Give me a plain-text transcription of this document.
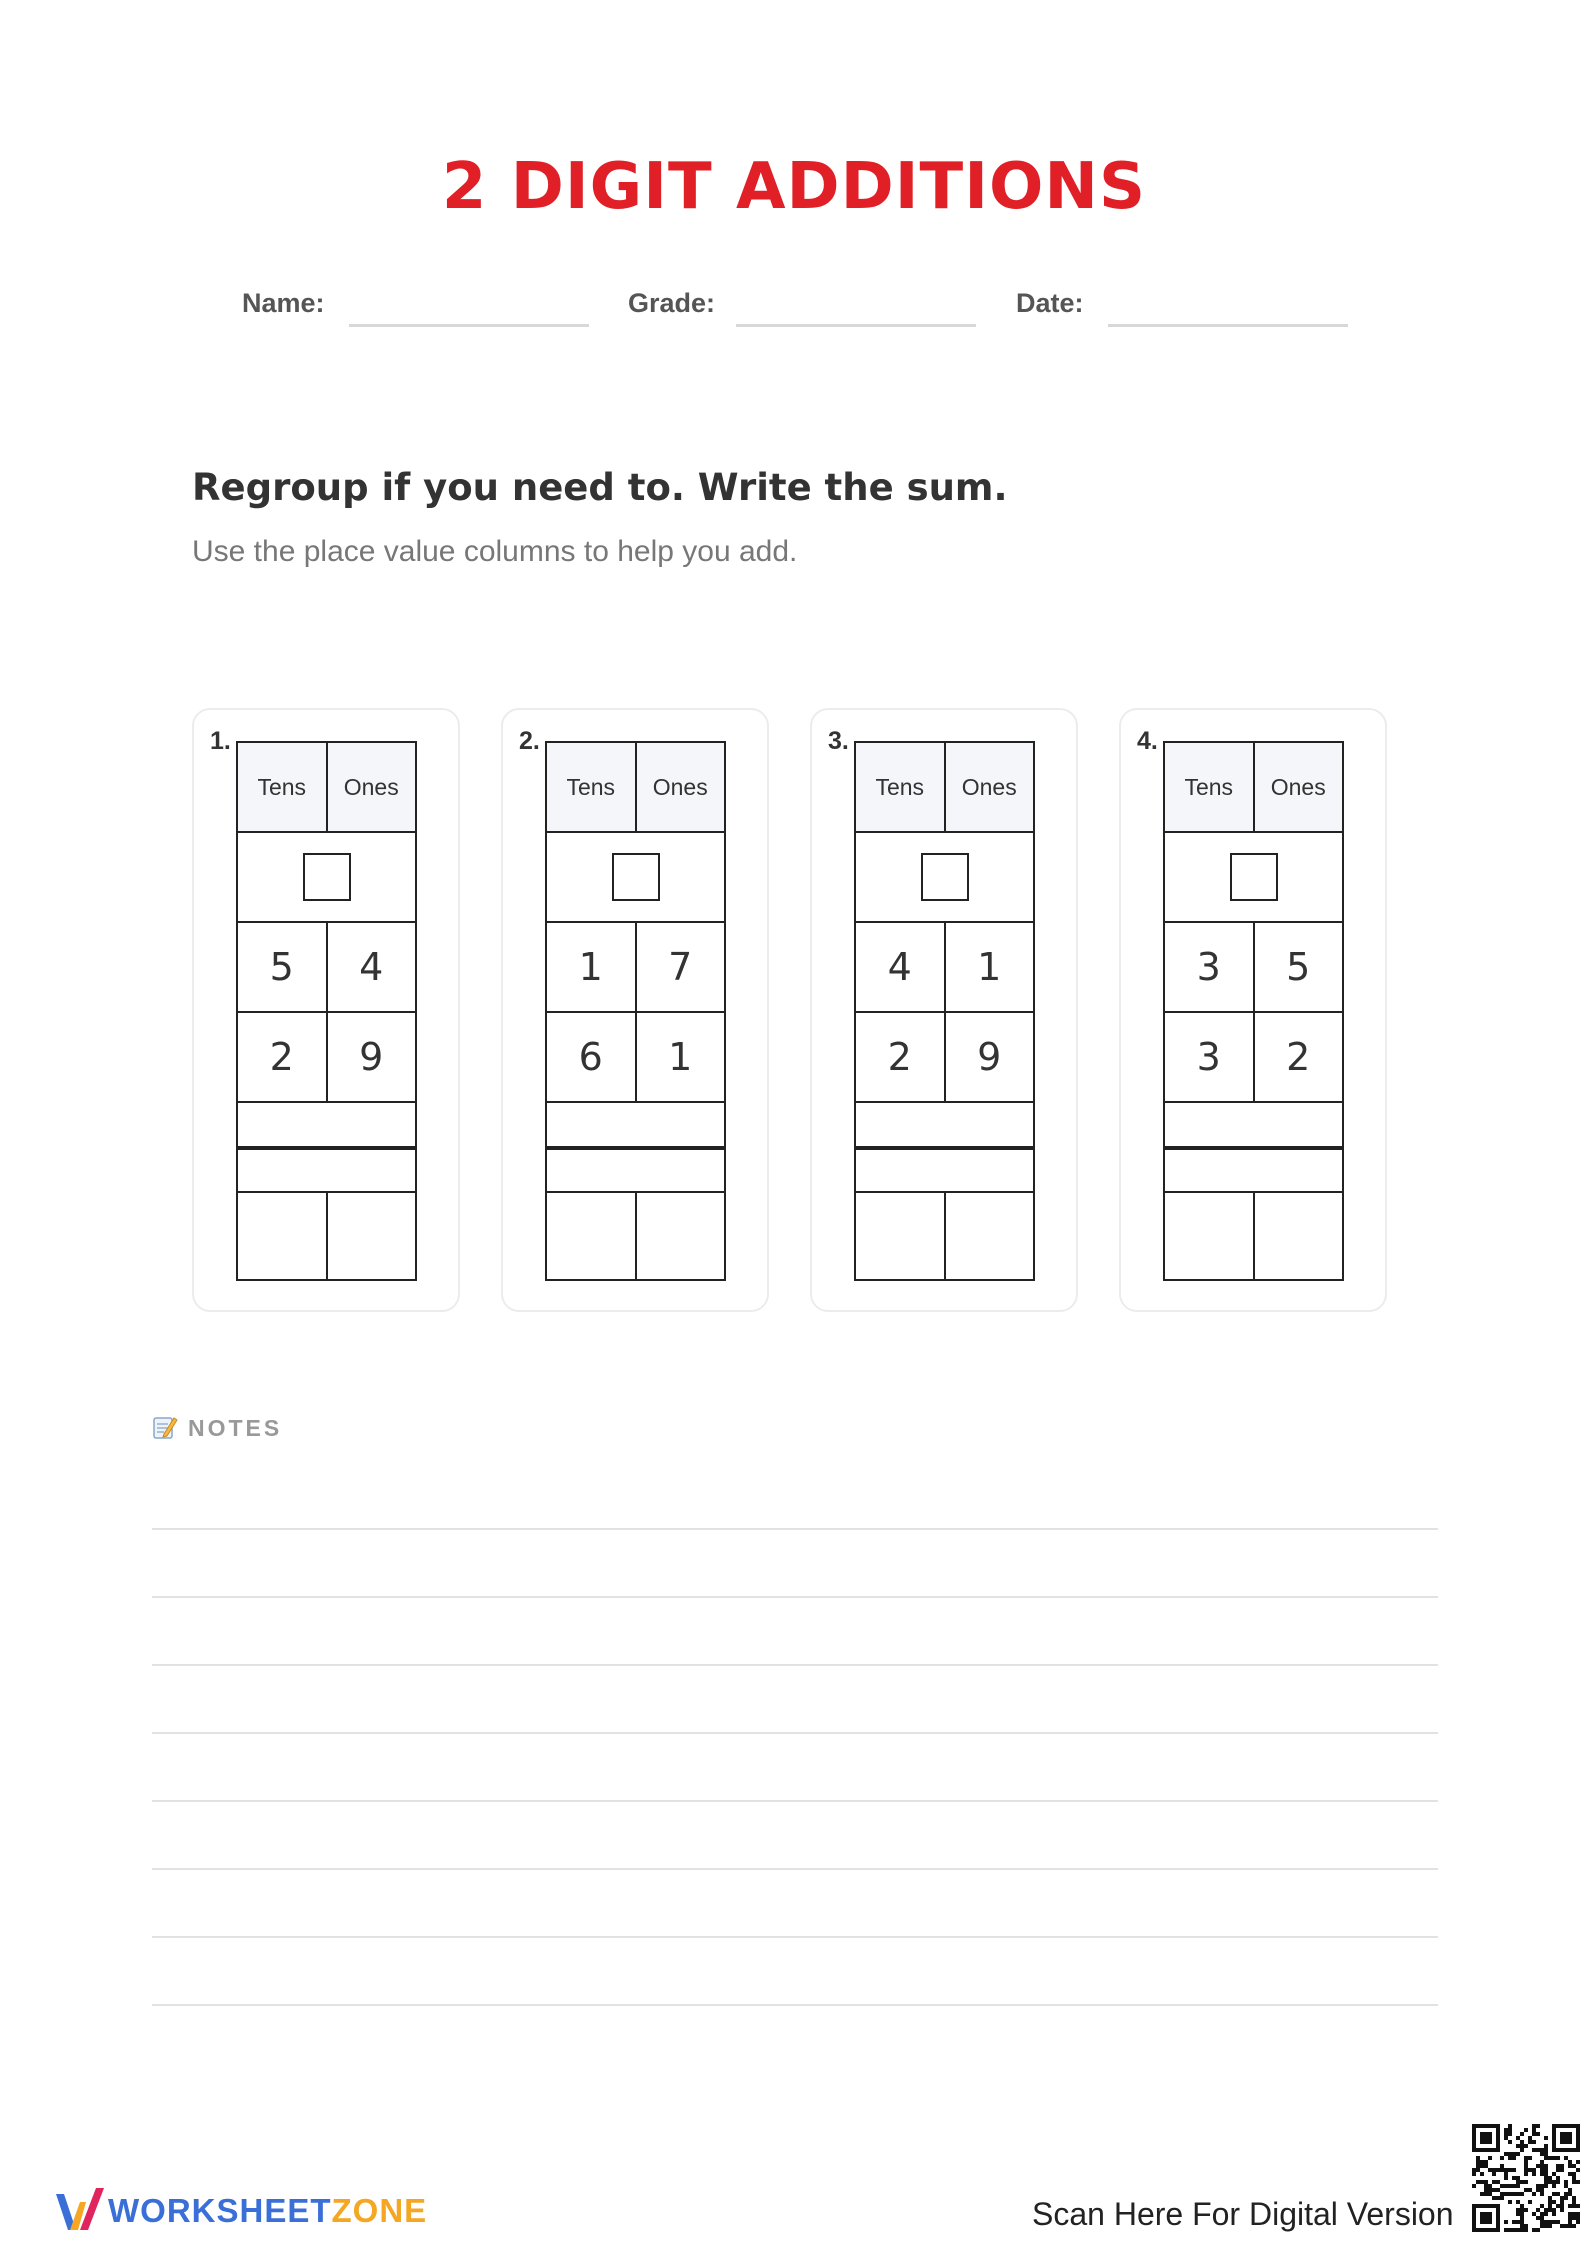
2 DIGIT ADDITIONS
Name:	Grade:	Date:
Regroup if you need to. Write the sum.
Use the place value columns to help you add.
1.
Tens	Ones
5	4
2	9
2.
Tens	Ones
1	7
6	1
3.
Tens	Ones
4	1
2	9
4.
Tens	Ones
3	5
3	2
NOTES
WORKSHEETZONE	Scan Here For Digital Version
